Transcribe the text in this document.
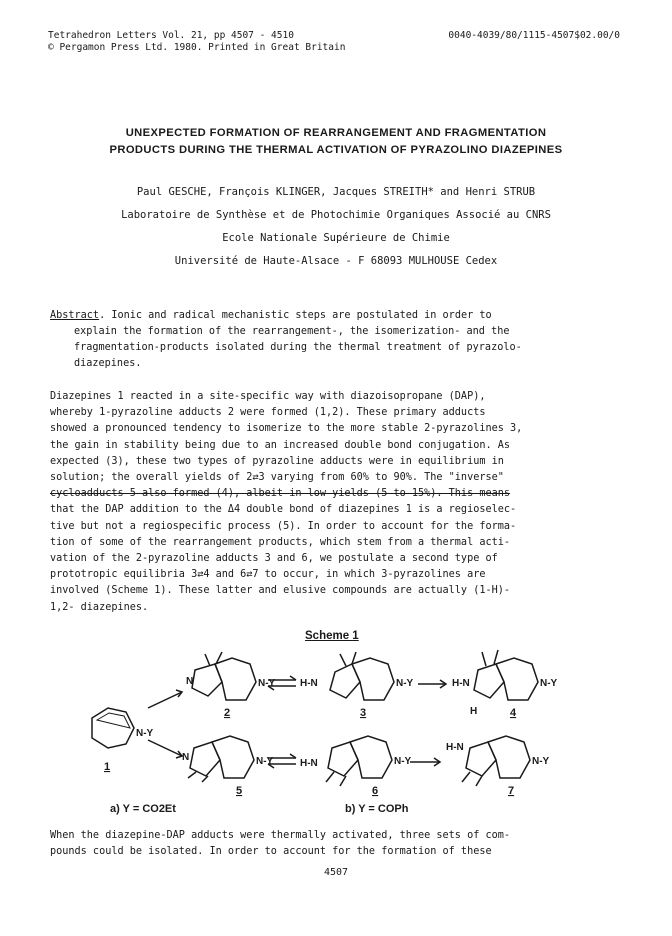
Tetrahedron Letters Vol. 21, pp 4507 - 4510
© Pergamon Press Ltd. 1980. Printed in Great Britain
0040-4039/80/1115-4507$02.00/0
UNEXPECTED FORMATION OF REARRANGEMENT AND FRAGMENTATION
PRODUCTS DURING THE THERMAL ACTIVATION OF PYRAZOLINO DIAZEPINES
Paul GESCHE, François KLINGER, Jacques STREITH* and Henri STRUB
Laboratoire de Synthèse et de Photochimie Organiques Associé au CNRS
Ecole Nationale Supérieure de Chimie
Université de Haute-Alsace - F 68093 MULHOUSE Cedex
Abstract. Ionic and radical mechanistic steps are postulated in order to
explain the formation of the rearrangement-, the isomerization- and the
fragmentation-products isolated during the thermal treatment of pyrazolo-
diazepines.
Diazepines 1 reacted in a site-specific way with diazoisopropane (DAP),
whereby 1-pyrazoline adducts 2 were formed (1,2). These primary adducts
showed a pronounced tendency to isomerize to the more stable 2-pyrazolines 3,
the gain in stability being due to an increased double bond conjugation. As
expected (3), these two types of pyrazoline adducts were in equilibrium in
solution; the overall yields of 2⇄3 varying from 60% to 90%. The "inverse"
cycloadducts 5 also formed (4), albeit in low yields (5 to 15%). This means
that the DAP addition to the Δ4 double bond of diazepines 1 is a regioselec-
tive but not a regiospecific process (5). In order to account for the forma-
tion of some of the rearrangement products, which stem from a thermal acti-
vation of the 2-pyrazoline adducts 3 and 6, we postulate a second type of
prototropic equilibria 3⇄4 and 6⇄7 to occur, in which 3-pyrazolines are
involved (Scheme 1). These latter and elusive compounds are actually (1-H)-
1,2- diazepines.
Scheme 1
N-Y
N	N-Y H-N	N-Y	H-N	N-Y
H
N	N-Y	H-N	N-Y
H-N
N-Y
1
2	3	4
5	6	7
a) Y = CO2Et	b) Y = COPh
When the diazepine-DAP adducts were thermally activated, three sets of com-
pounds could be isolated. In order to account for the formation of these
4507
